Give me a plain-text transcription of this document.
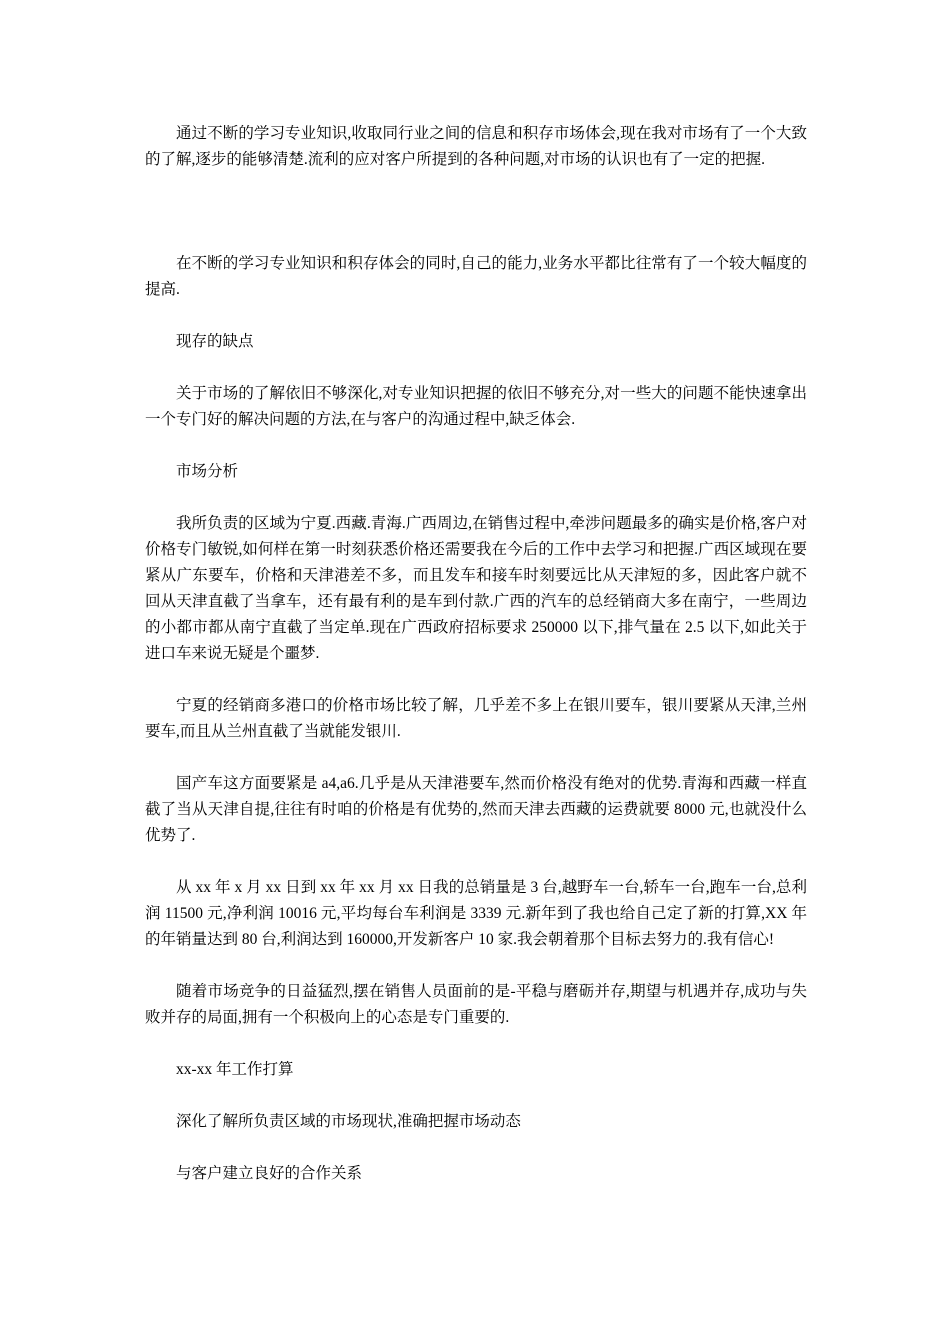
通过不断的学习专业知识,收取同行业之间的信息和积存市场体会,现在我对市场有了一个大致的了解,逐步的能够清楚.流利的应对客户所提到的各种问题,对市场的认识也有了一定的把握.

在不断的学习专业知识和积存体会的同时,自己的能力,业务水平都比往常有了一个较大幅度的提高.

现存的缺点

关于市场的了解依旧不够深化,对专业知识把握的依旧不够充分,对一些大的问题不能快速拿出一个专门好的解决问题的方法,在与客户的沟通过程中,缺乏体会.

市场分析

我所负责的区域为宁夏.西藏.青海.广西周边,在销售过程中,牵涉问题最多的确实是价格,客户对价格专门敏锐,如何样在第一时刻获悉价格还需要我在今后的工作中去学习和把握.广西区域现在要紧从广东要车，价格和天津港差不多，而且发车和接车时刻要远比从天津短的多，因此客户就不回从天津直截了当拿车，还有最有利的是车到付款.广西的汽车的总经销商大多在南宁，一些周边的小都市都从南宁直截了当定单.现在广西政府招标要求 250000 以下,排气量在 2.5 以下,如此关于进口车来说无疑是个噩梦.

宁夏的经销商多港口的价格市场比较了解，几乎差不多上在银川要车，银川要紧从天津,兰州要车,而且从兰州直截了当就能发银川.

国产车这方面要紧是 a4,a6.几乎是从天津港要车,然而价格没有绝对的优势.青海和西藏一样直截了当从天津自提,往往有时咱的价格是有优势的,然而天津去西藏的运费就要 8000 元,也就没什么优势了.

从 xx 年 x 月 xx 日到 xx 年 xx 月 xx 日我的总销量是 3 台,越野车一台,轿车一台,跑车一台,总利润 11500 元,净利润 10016 元,平均每台车利润是 3339 元.新年到了我也给自己定了新的打算,XX 年的年销量达到 80 台,利润达到 160000,开发新客户 10 家.我会朝着那个目标去努力的.我有信心!

随着市场竞争的日益猛烈,摆在销售人员面前的是-平稳与磨砺并存,期望与机遇并存,成功与失败并存的局面,拥有一个积极向上的心态是专门重要的.

xx-xx 年工作打算

深化了解所负责区域的市场现状,准确把握市场动态

与客户建立良好的合作关系
